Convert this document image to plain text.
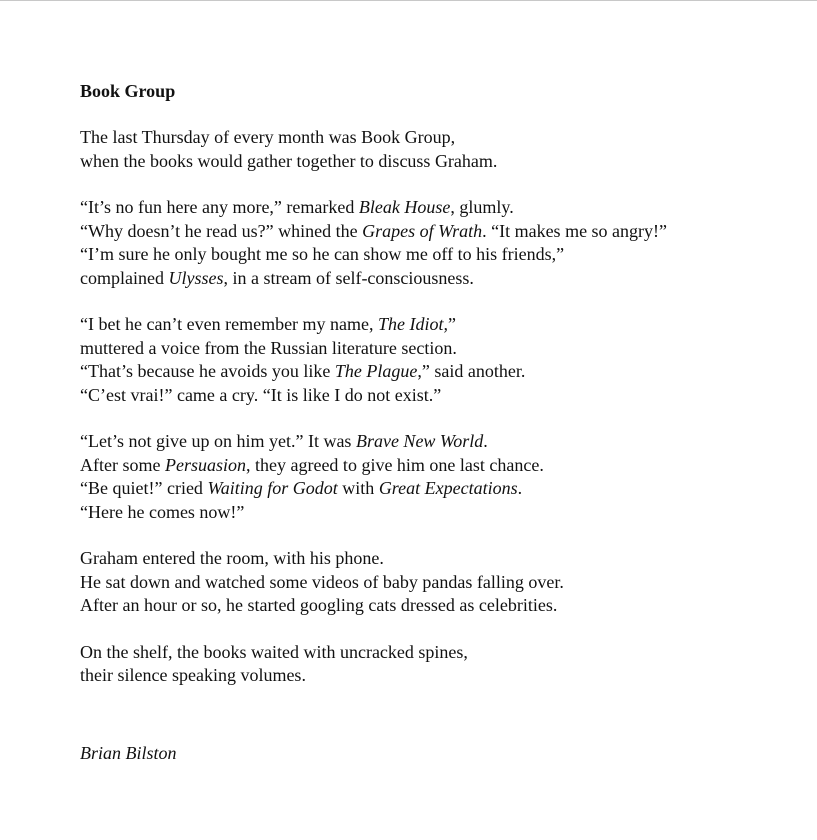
Book Group
The last Thursday of every month was Book Group,
when the books would gather together to discuss Graham.
“It’s no fun here any more,” remarked Bleak House, glumly.
“Why doesn’t he read us?” whined the Grapes of Wrath. “It makes me so angry!”
“I’m sure he only bought me so he can show me off to his friends,”
complained Ulysses, in a stream of self-consciousness.
“I bet he can’t even remember my name, The Idiot,”
muttered a voice from the Russian literature section.
“That’s because he avoids you like The Plague,” said another.
“C’est vrai!” came a cry. “It is like I do not exist.”
“Let’s not give up on him yet.” It was Brave New World.
After some Persuasion, they agreed to give him one last chance.
“Be quiet!” cried Waiting for Godot with Great Expectations.
“Here he comes now!”
Graham entered the room, with his phone.
He sat down and watched some videos of baby pandas falling over.
After an hour or so, he started googling cats dressed as celebrities.
On the shelf, the books waited with uncracked spines,
their silence speaking volumes.
Brian Bilston
